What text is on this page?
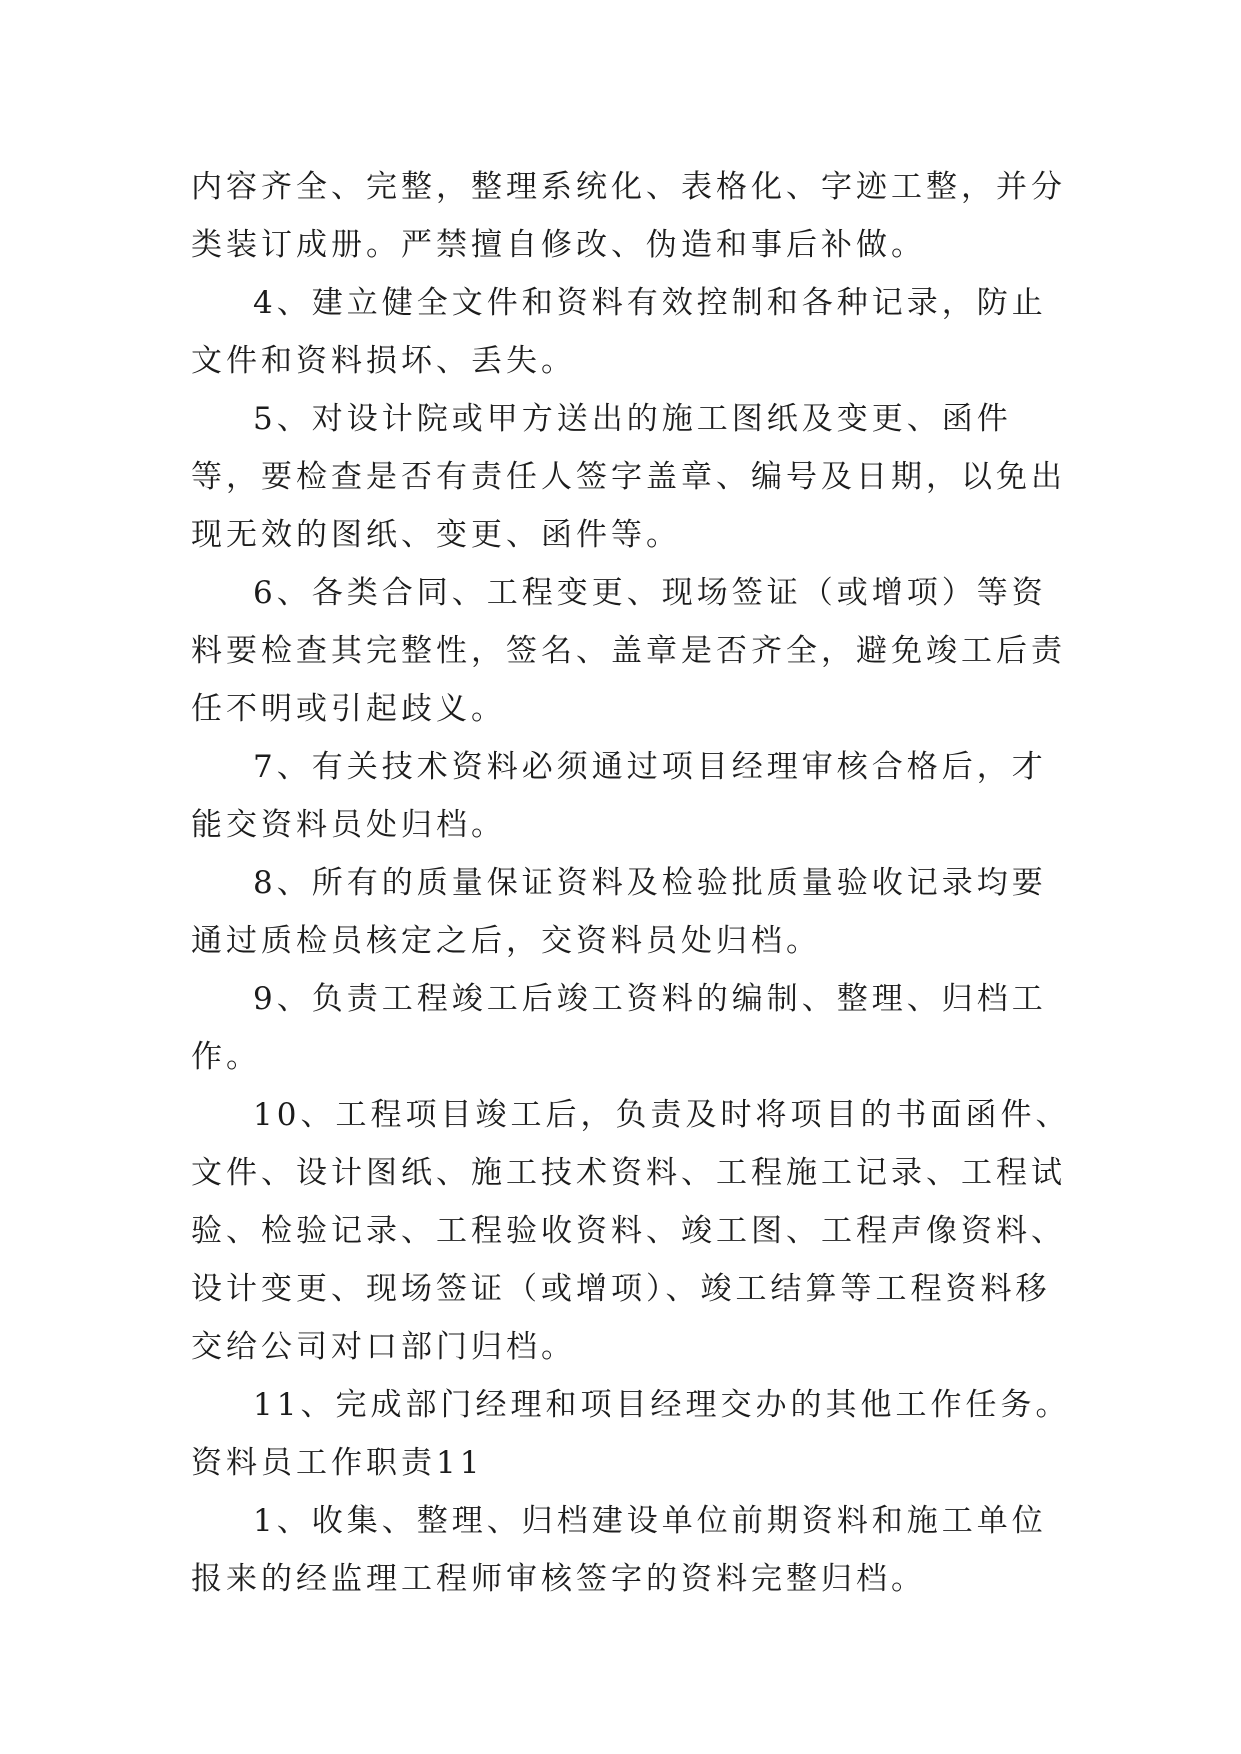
内容齐全、完整，整理系统化、表格化、字迹工整，并分类装订成册。严禁擅自修改、伪造和事后补做。

4、建立健全文件和资料有效控制和各种记录，防止文件和资料损坏、丢失。

5、对设计院或甲方送出的施工图纸及变更、函件等，要检查是否有责任人签字盖章、编号及日期，以免出现无效的图纸、变更、函件等。

6、各类合同、工程变更、现场签证（或增项）等资料要检查其完整性，签名、盖章是否齐全，避免竣工后责任不明或引起歧义。

7、有关技术资料必须通过项目经理审核合格后，才能交资料员处归档。

8、所有的质量保证资料及检验批质量验收记录均要通过质检员核定之后，交资料员处归档。

9、负责工程竣工后竣工资料的编制、整理、归档工作。

10、工程项目竣工后，负责及时将项目的书面函件、文件、设计图纸、施工技术资料、工程施工记录、工程试验、检验记录、工程验收资料、竣工图、工程声像资料、设计变更、现场签证（或增项）、竣工结算等工程资料移交给公司对口部门归档。

11、完成部门经理和项目经理交办的其他工作任务。

资料员工作职责11

1、收集、整理、归档建设单位前期资料和施工单位报来的经监理工程师审核签字的资料完整归档。
